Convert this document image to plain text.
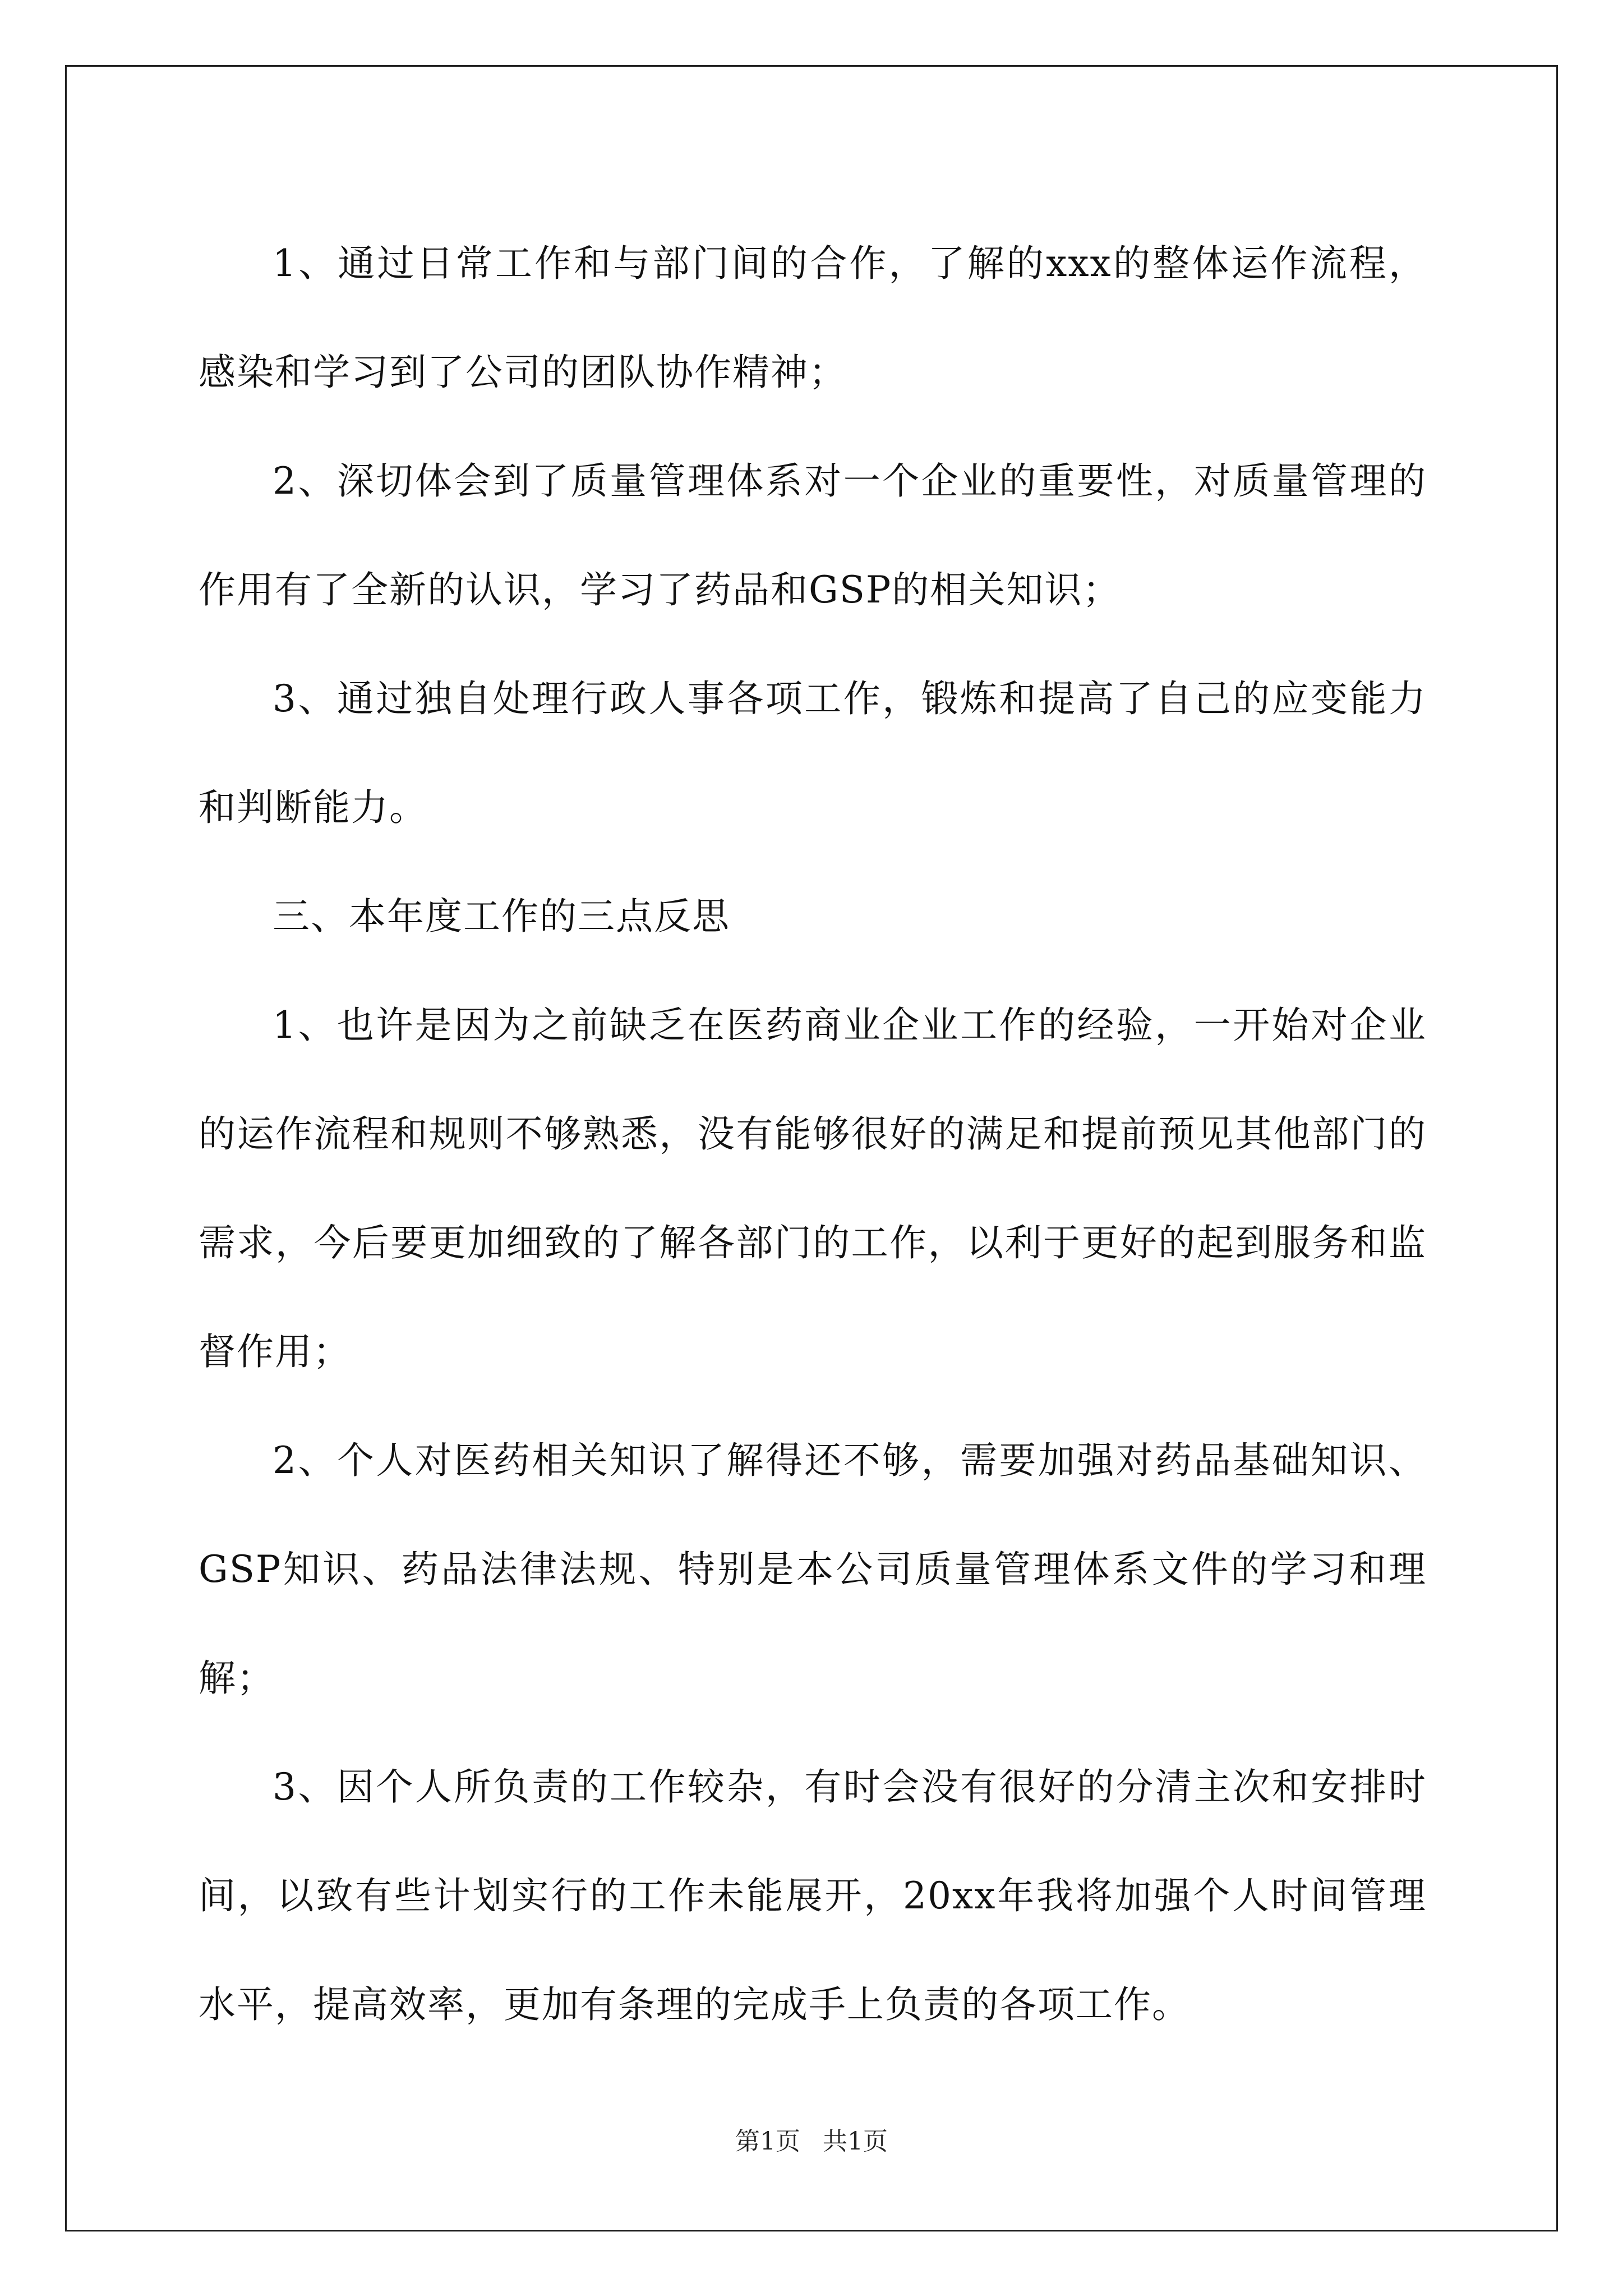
1、通过日常工作和与部门间的合作，了解的xxx的整体运作流程，感染和学习到了公司的团队协作精神；

2、深切体会到了质量管理体系对一个企业的重要性，对质量管理的作用有了全新的认识，学习了药品和GSP的相关知识；

3、通过独自处理行政人事各项工作，锻炼和提高了自己的应变能力和判断能力。

三、本年度工作的三点反思

1、也许是因为之前缺乏在医药商业企业工作的经验，一开始对企业的运作流程和规则不够熟悉，没有能够很好的满足和提前预见其他部门的需求，今后要更加细致的了解各部门的工作，以利于更好的起到服务和监督作用；

2、个人对医药相关知识了解得还不够，需要加强对药品基础知识、GSP知识、药品法律法规、特别是本公司质量管理体系文件的学习和理解；

3、因个人所负责的工作较杂，有时会没有很好的分清主次和安排时间，以致有些计划实行的工作未能展开，20xx年我将加强个人时间管理水平，提高效率，更加有条理的完成手上负责的各项工作。

第1页 共1页
